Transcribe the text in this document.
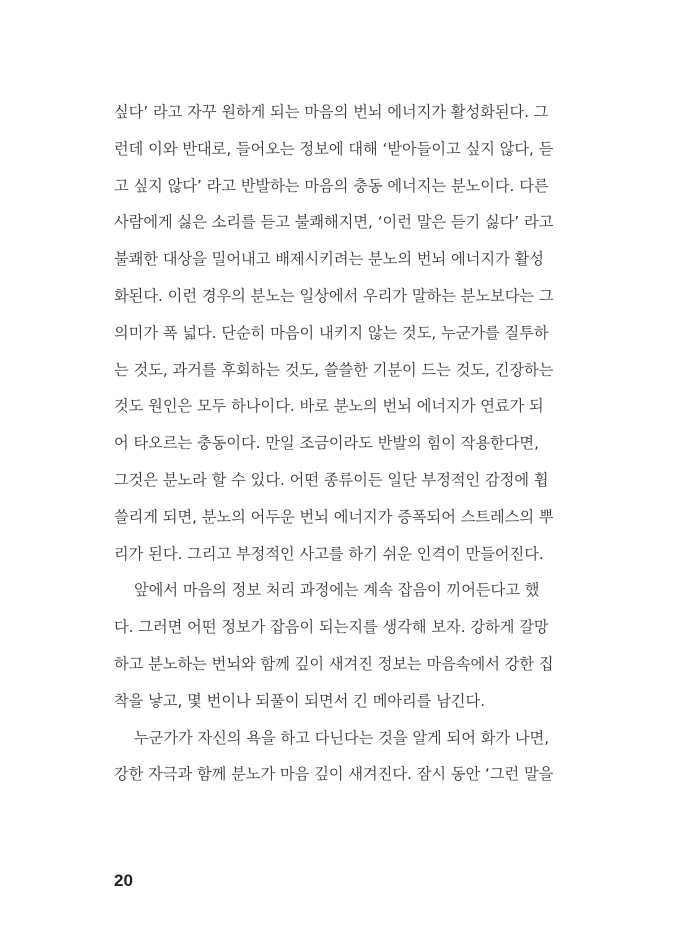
싶다’ 라고 자꾸 원하게 되는 마음의 번뇌 에너지가 활성화된다. 그
런데 이와 반대로, 들어오는 정보에 대해 ‘받아들이고 싶지 않다, 듣
고 싶지 않다’ 라고 반발하는 마음의 충동 에너지는 분노이다. 다른
사람에게 싫은 소리를 듣고 불쾌해지면, ‘이런 말은 듣기 싫다’ 라고
불쾌한 대상을 밀어내고 배제시키려는 분노의 번뇌 에너지가 활성
화된다. 이런 경우의 분노는 일상에서 우리가 말하는 분노보다는 그
의미가 폭 넓다. 단순히 마음이 내키지 않는 것도, 누군가를 질투하
는 것도, 과거를 후회하는 것도, 쓸쓸한 기분이 드는 것도, 긴장하는
것도 원인은 모두 하나이다. 바로 분노의 번뇌 에너지가 연료가 되
어 타오르는 충동이다. 만일 조금이라도 반발의 힘이 작용한다면,
그것은 분노라 할 수 있다. 어떤 종류이든 일단 부정적인 감정에 휩
쓸리게 되면, 분노의 어두운 번뇌 에너지가 증폭되어 스트레스의 뿌
리가 된다. 그리고 부정적인 사고를 하기 쉬운 인격이 만들어진다.
앞에서 마음의 정보 처리 과정에는 계속 잡음이 끼어든다고 했
다. 그러면 어떤 정보가 잡음이 되는지를 생각해 보자. 강하게 갈망
하고 분노하는 번뇌와 함께 깊이 새겨진 정보는 마음속에서 강한 집
착을 낳고, 몇 번이나 되풀이 되면서 긴 메아리를 남긴다.
누군가가 자신의 욕을 하고 다닌다는 것을 알게 되어 화가 나면,
강한 자극과 함께 분노가 마음 깊이 새겨진다. 잠시 동안 ‘그런 말을
20
